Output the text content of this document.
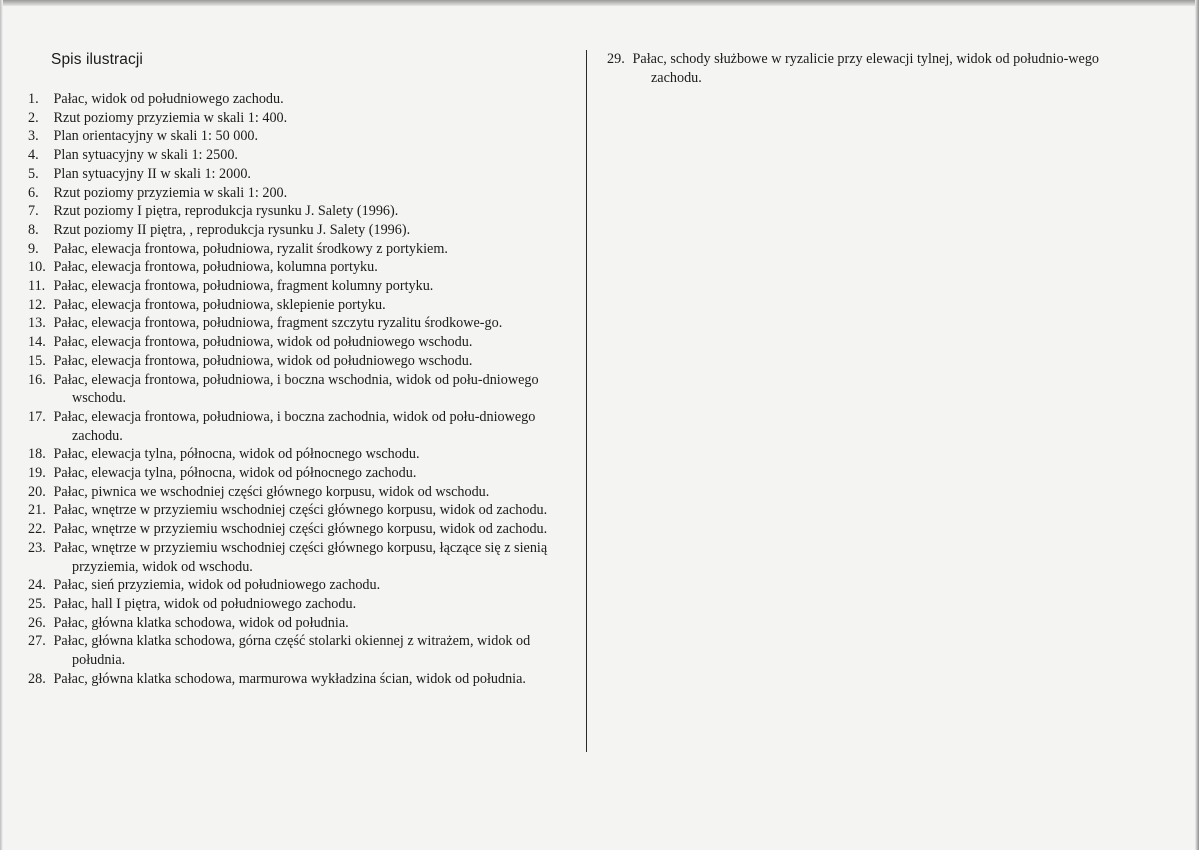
Spis ilustracji

1. Pałac, widok od południowego zachodu.

2. Rzut poziomy przyziemia w skali 1: 400.

3. Plan orientacyjny w skali 1: 50 000.

4. Plan sytuacyjny w skali 1: 2500.

5. Plan sytuacyjny II w skali 1: 2000.

6. Rzut poziomy przyziemia w skali 1: 200.

7. Rzut poziomy I piętra, reprodukcja rysunku J. Salety (1996).

8. Rzut poziomy II piętra, , reprodukcja rysunku J. Salety (1996).

9. Pałac, elewacja frontowa, południowa, ryzalit środkowy z portykiem.

10. Pałac, elewacja frontowa, południowa, kolumna portyku.

11. Pałac, elewacja frontowa, południowa, fragment kolumny portyku.

12. Pałac, elewacja frontowa, południowa, sklepienie portyku.

13. Pałac, elewacja frontowa, południowa, fragment szczytu ryzalitu środkowe-go.

14. Pałac, elewacja frontowa, południowa, widok od południowego wschodu.

15. Pałac, elewacja frontowa, południowa, widok od południowego wschodu.

16. Pałac, elewacja frontowa, południowa, i boczna wschodnia, widok od połu-dniowego wschodu.

17. Pałac, elewacja frontowa, południowa, i boczna zachodnia, widok od połu-dniowego zachodu.

18. Pałac, elewacja tylna, północna, widok od północnego wschodu.

19. Pałac, elewacja tylna, północna, widok od północnego zachodu.

20. Pałac, piwnica we wschodniej części głównego korpusu, widok od wschodu.

21. Pałac, wnętrze w przyziemiu wschodniej części głównego korpusu, widok od zachodu.

22. Pałac, wnętrze w przyziemiu wschodniej części głównego korpusu, widok od zachodu.

23. Pałac, wnętrze w przyziemiu wschodniej części głównego korpusu, łączące się z sienią przyziemia, widok od wschodu.

24. Pałac, sień przyziemia, widok od południowego zachodu.

25. Pałac, hall I piętra, widok od południowego zachodu.

26. Pałac, główna klatka schodowa, widok od południa.

27. Pałac, główna klatka schodowa, górna część stolarki okiennej z witrażem, widok od południa.

28. Pałac, główna klatka schodowa, marmurowa wykładzina ścian, widok od południa.

29. Pałac, schody służbowe w ryzalicie przy elewacji tylnej, widok od południo-wego zachodu.
